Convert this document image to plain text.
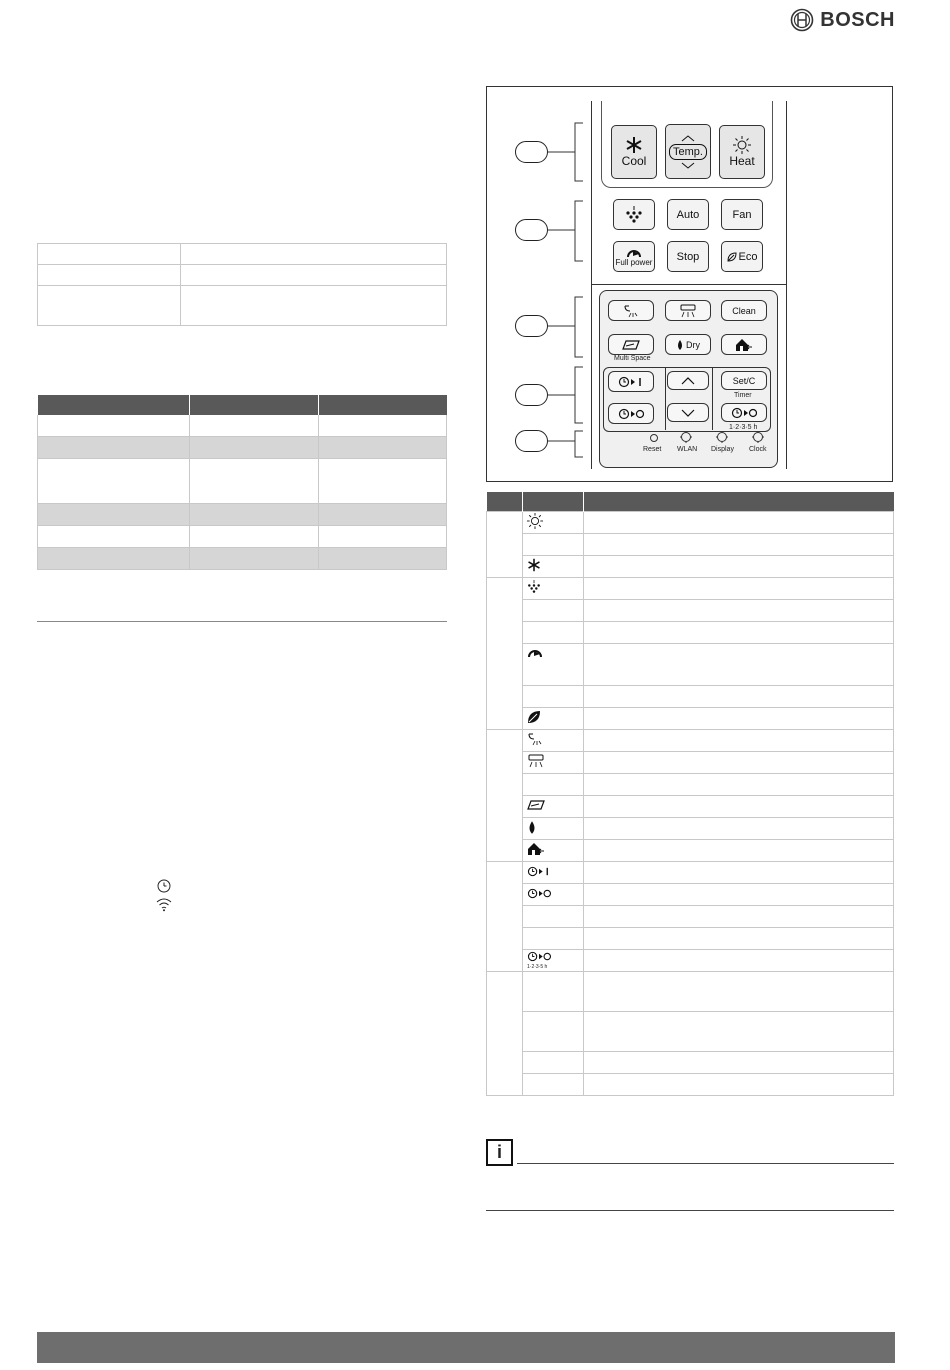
BOSCH

Cool
Temp.
Heat
Auto	Fan
Full power Stop	Eco
Clean
Multi Space
Dry
Set/C
Timer
1·2·3·5 h
Reset WLAN Display Clock

1·2·3·5 h	

i
